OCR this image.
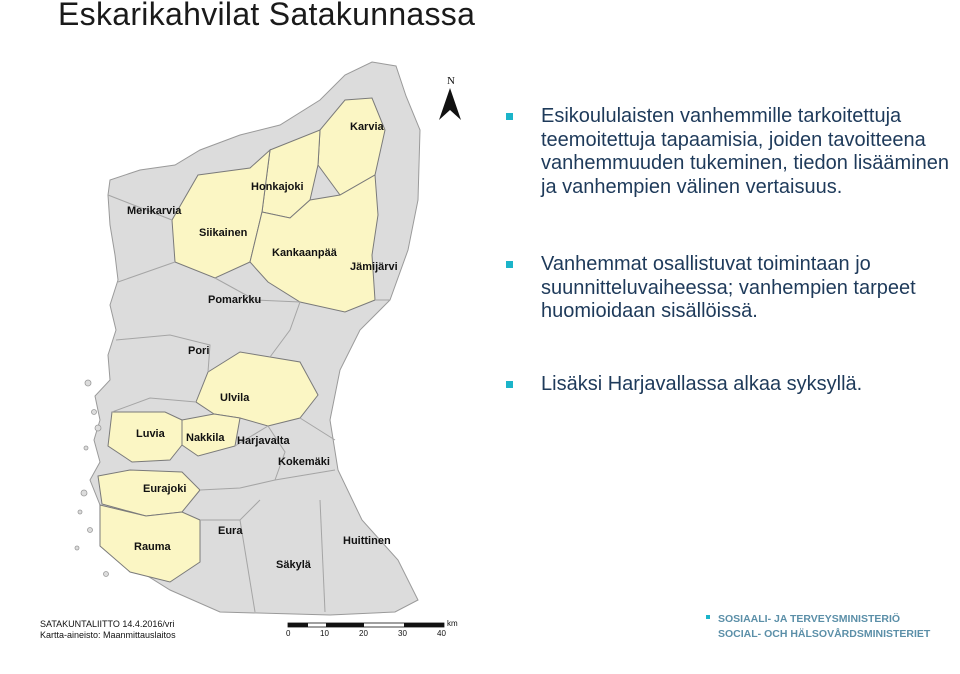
Eskarikahvilat Satakunnassa
N
Karvia
Merikarvia
Honkajoki
Siikainen
Kankaanpää
Jämijärvi
Pomarkku
Pori
Ulvila
Luvia Nakkila Harjavalta
Kokemäki
Eurajoki
Eura
Rauma
Säkylä
Huittinen
km
0	10	20	30	40
SATAKUNTALIITTO 14.4.2016/vri
Kartta-aineisto: Maanmittauslaitos
Esikoululaisten vanhemmille tarkoitettuja teemoitettuja tapaamisia, joiden tavoitteena vanhemmuuden tukeminen, tiedon lisääminen ja vanhempien välinen vertaisuus.
Vanhemmat osallistuvat toimintaan jo suunnitteluvaiheessa; vanhempien tarpeet huomioidaan sisällöissä.
Lisäksi Harjavallassa alkaa syksyllä.
SOSIAALI- JA TERVEYSMINISTERIÖ
SOCIAL- OCH HÄLSOVÅRDSMINISTERIET
